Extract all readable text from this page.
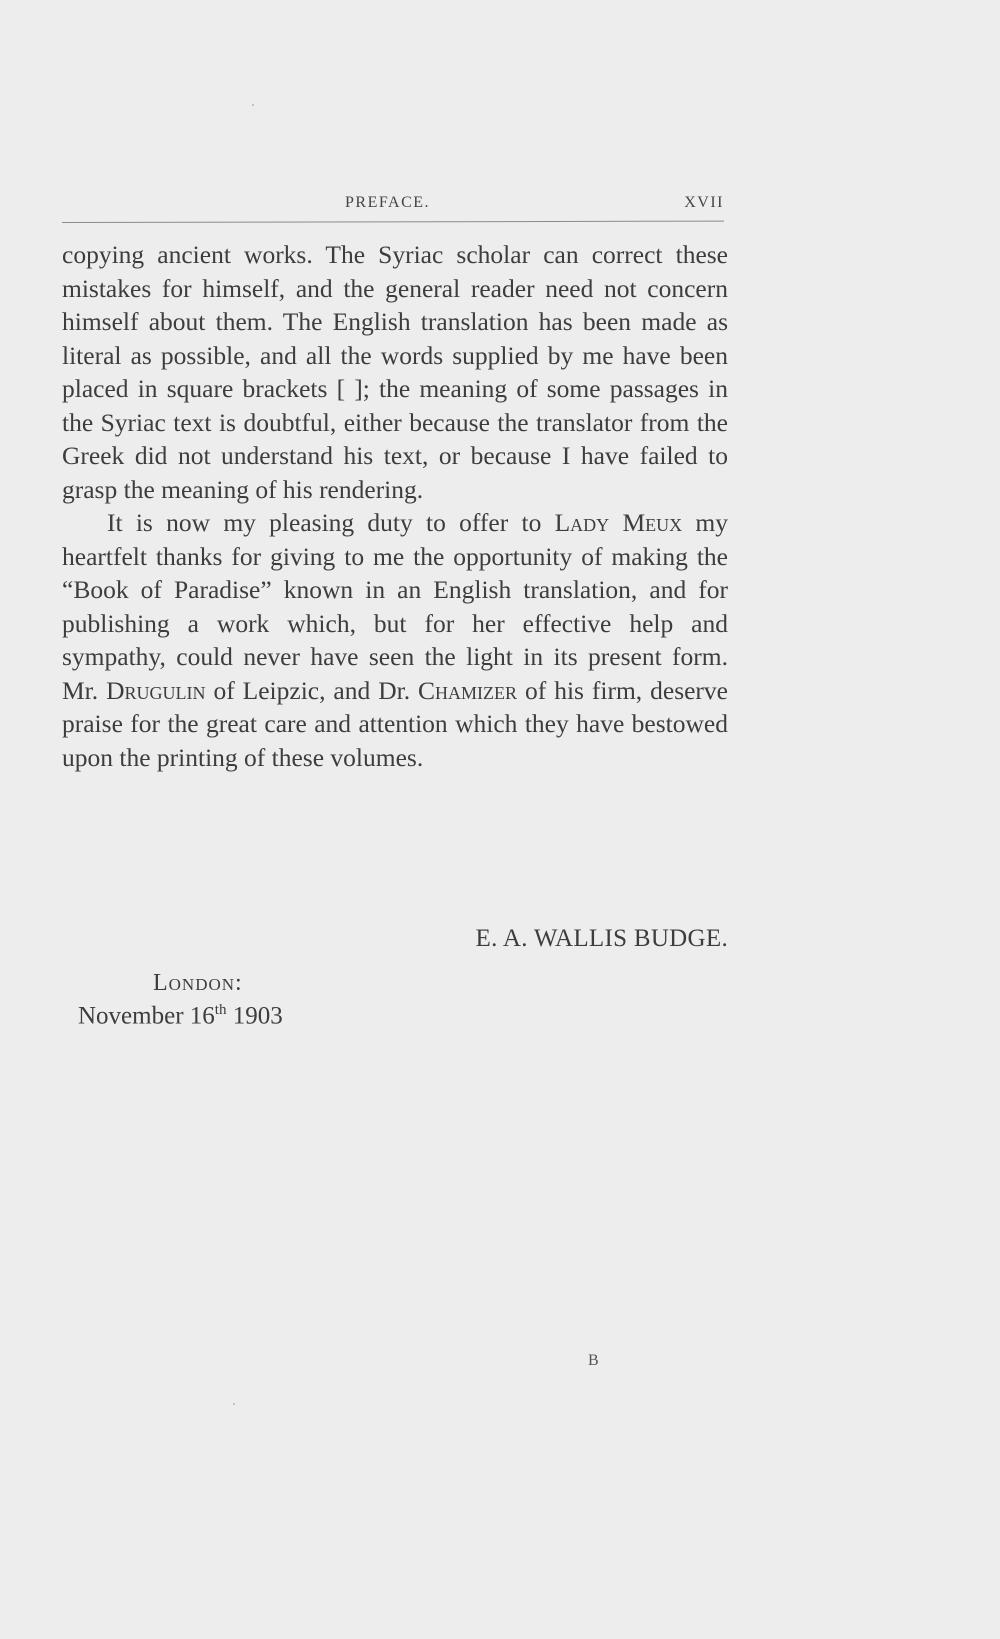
PREFACE.	XVII

copying ancient works. The Syriac scholar can correct these mistakes for himself, and the general reader need not concern himself about them. The English translation has been made as literal as possible, and all the words supplied by me have been placed in square brackets [ ]; the meaning of some passages in the Syriac text is doubtful, either because the translator from the Greek did not understand his text, or because I have failed to grasp the meaning of his rendering.

It is now my pleasing duty to offer to Lady Meux my heartfelt thanks for giving to me the opportunity of making the “Book of Paradise” known in an English translation, and for publishing a work which, but for her effective help and sympathy, could never have seen the light in its present form. Mr. Drugulin of Leipzic, and Dr. Chamizer of his firm, deserve praise for the great care and attention which they have bestowed upon the printing of these volumes.

E. A. WALLIS BUDGE.
London:
November 16th 1903
B
